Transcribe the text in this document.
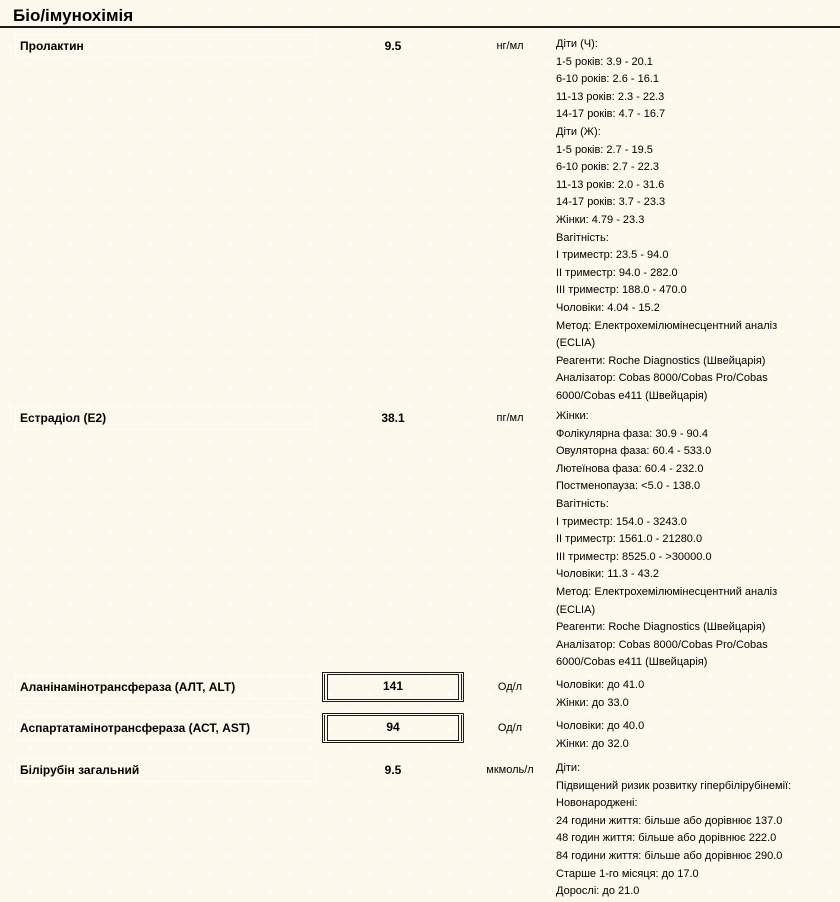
Біо/імунохімія
Пролактин	9.5	нг/мл	Діти (Ч):
1-5 років: 3.9 - 20.1
6-10 років: 2.6 - 16.1
11-13 років: 2.3 - 22.3
14-17 років: 4.7 - 16.7
Діти (Ж):
1-5 років: 2.7 - 19.5
6-10 років: 2.7 - 22.3
11-13 років: 2.0 - 31.6
14-17 років: 3.7 - 23.3
Жінки: 4.79 - 23.3
Вагітність:
I триместр: 23.5 - 94.0
II триместр: 94.0 - 282.0
III триместр: 188.0 - 470.0
Чоловіки: 4.04 - 15.2
Метод: Електрохемілюмінесцентний аналіз
(ECLIA)
Реагенти: Roche Diagnostics (Швейцарія)
Аналізатор: Cobas 8000/Cobas Pro/Cobas
6000/Cobas e411 (Швейцарія)
Естрадіол (E2)	38.1	пг/мл	Жінки:
Фолікулярна фаза: 30.9 - 90.4
Овуляторна фаза: 60.4 - 533.0
Лютеїнова фаза: 60.4 - 232.0
Постменопауза: <5.0 - 138.0
Вагітність:
I триместр: 154.0 - 3243.0
II триместр: 1561.0 - 21280.0
III триместр: 8525.0 - >30000.0
Чоловіки: 11.3 - 43.2
Метод: Електрохемілюмінесцентний аналіз
(ECLIA)
Реагенти: Roche Diagnostics (Швейцарія)
Аналізатор: Cobas 8000/Cobas Pro/Cobas
6000/Cobas e411 (Швейцарія)
Аланінамінотрансфераза (АЛТ, ALT)	141	Од/л	Чоловіки: до 41.0
Жінки: до 33.0
Аспартатамінотрансфераза (АСТ, AST)	94	Од/л	Чоловіки: до 40.0
Жінки: до 32.0
Білірубін загальний	9.5	мкмоль/л	Діти:
Підвищений ризик розвитку гіпербілірубінемії:
Новонароджені:
24 години життя: більше або дорівнює 137.0
48 годин життя: більше або дорівнює 222.0
84 години життя: більше або дорівнює 290.0
Старше 1-го місяця: до 17.0
Дорослі: до 21.0
